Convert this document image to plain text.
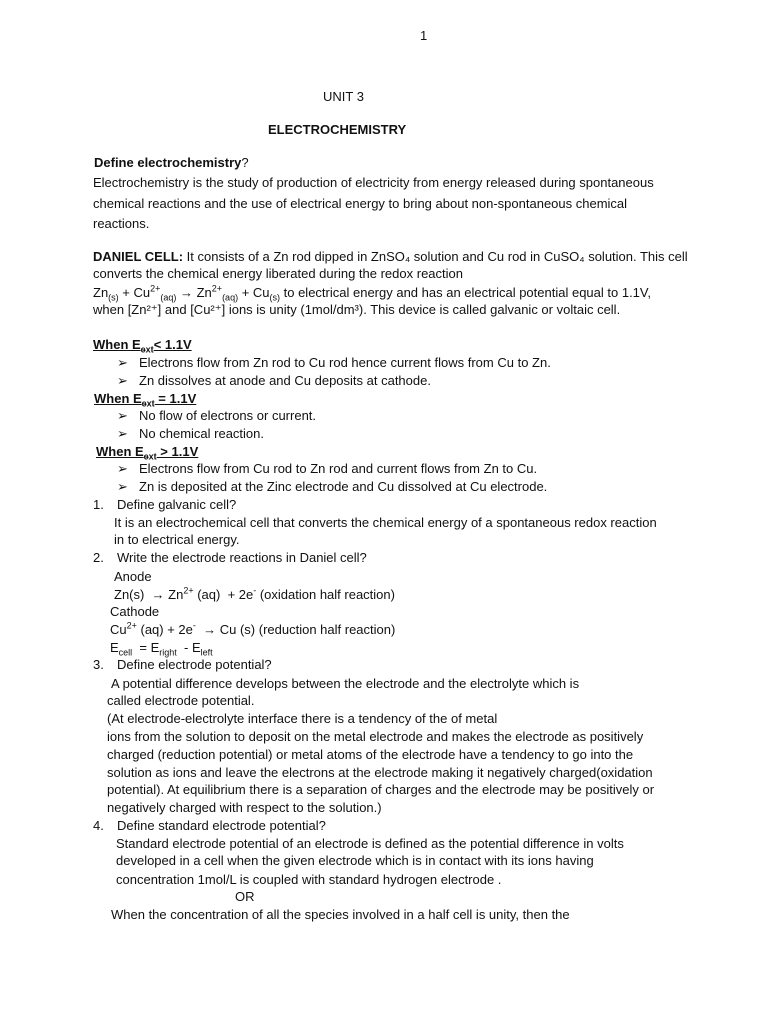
1
UNIT 3
ELECTROCHEMISTRY
Define electrochemistry?
Electrochemistry is the study of production of electricity from energy released during spontaneous
chemical reactions and the use of electrical energy to bring about non-spontaneous chemical
reactions.
DANIEL CELL: It consists of a Zn rod dipped in ZnSO₄ solution and Cu rod in CuSO₄ solution. This cell
converts the chemical energy liberated during the redox reaction
$Zn_{(s)} + Cu^{2+}_{(aq)} \to Zn^{2+}_{(aq)} + Cu_{(s)}$ to electrical energy and has an electrical potential equal to 1.1V,
when [Zn²⁺] and [Cu²⁺] ions is unity (1mol/dm³). This device is called galvanic or voltaic cell.
When $E_{ext}< 1.1V$
➢ Electrons flow from Zn rod to Cu rod hence current flows from Cu to Zn.
➢ Zn dissolves at anode and Cu deposits at cathode.
When $E_{ext} = 1.1V$
➢ No flow of electrons or current.
➢ No chemical reaction.
When $E_{ext} > 1.1V$
➢ Electrons flow from Cu rod to Zn rod and current flows from Zn to Cu.
➢ Zn is deposited at the Zinc electrode and Cu dissolved at Cu electrode.
1. Define galvanic cell?
It is an electrochemical cell that converts the chemical energy of a spontaneous redox reaction
in to electrical energy.
2. Write the electrode reactions in Daniel cell?
Anode
$Zn(s) \to Zn^{2+}$ (aq)  + 2e- (oxidation half reaction)
Cathode
$Cu^{2+}$ (aq) + 2e-  → Cu (s) (reduction half reaction)
$E_{cell} = E_{right} - E_{left}$
3. Define electrode potential?
A potential difference develops between the electrode and the electrolyte which is
called electrode potential.
(At electrode-electrolyte interface there is a tendency of the of metal
ions from the solution to deposit on the metal electrode and makes the electrode as positively
charged (reduction potential) or metal atoms of the electrode have a tendency to go into the
solution as ions and leave the electrons at the electrode making it negatively charged(oxidation
potential). At equilibrium there is a separation of charges and the electrode may be positively or
negatively charged with respect to the solution.)
4. Define standard electrode potential?
Standard electrode potential of an electrode is defined as the potential difference in volts
developed in a cell when the given electrode which is in contact with its ions having
concentration 1mol/L is coupled with standard hydrogen electrode .
OR
When the concentration of all the species involved in a half cell is unity, then the
